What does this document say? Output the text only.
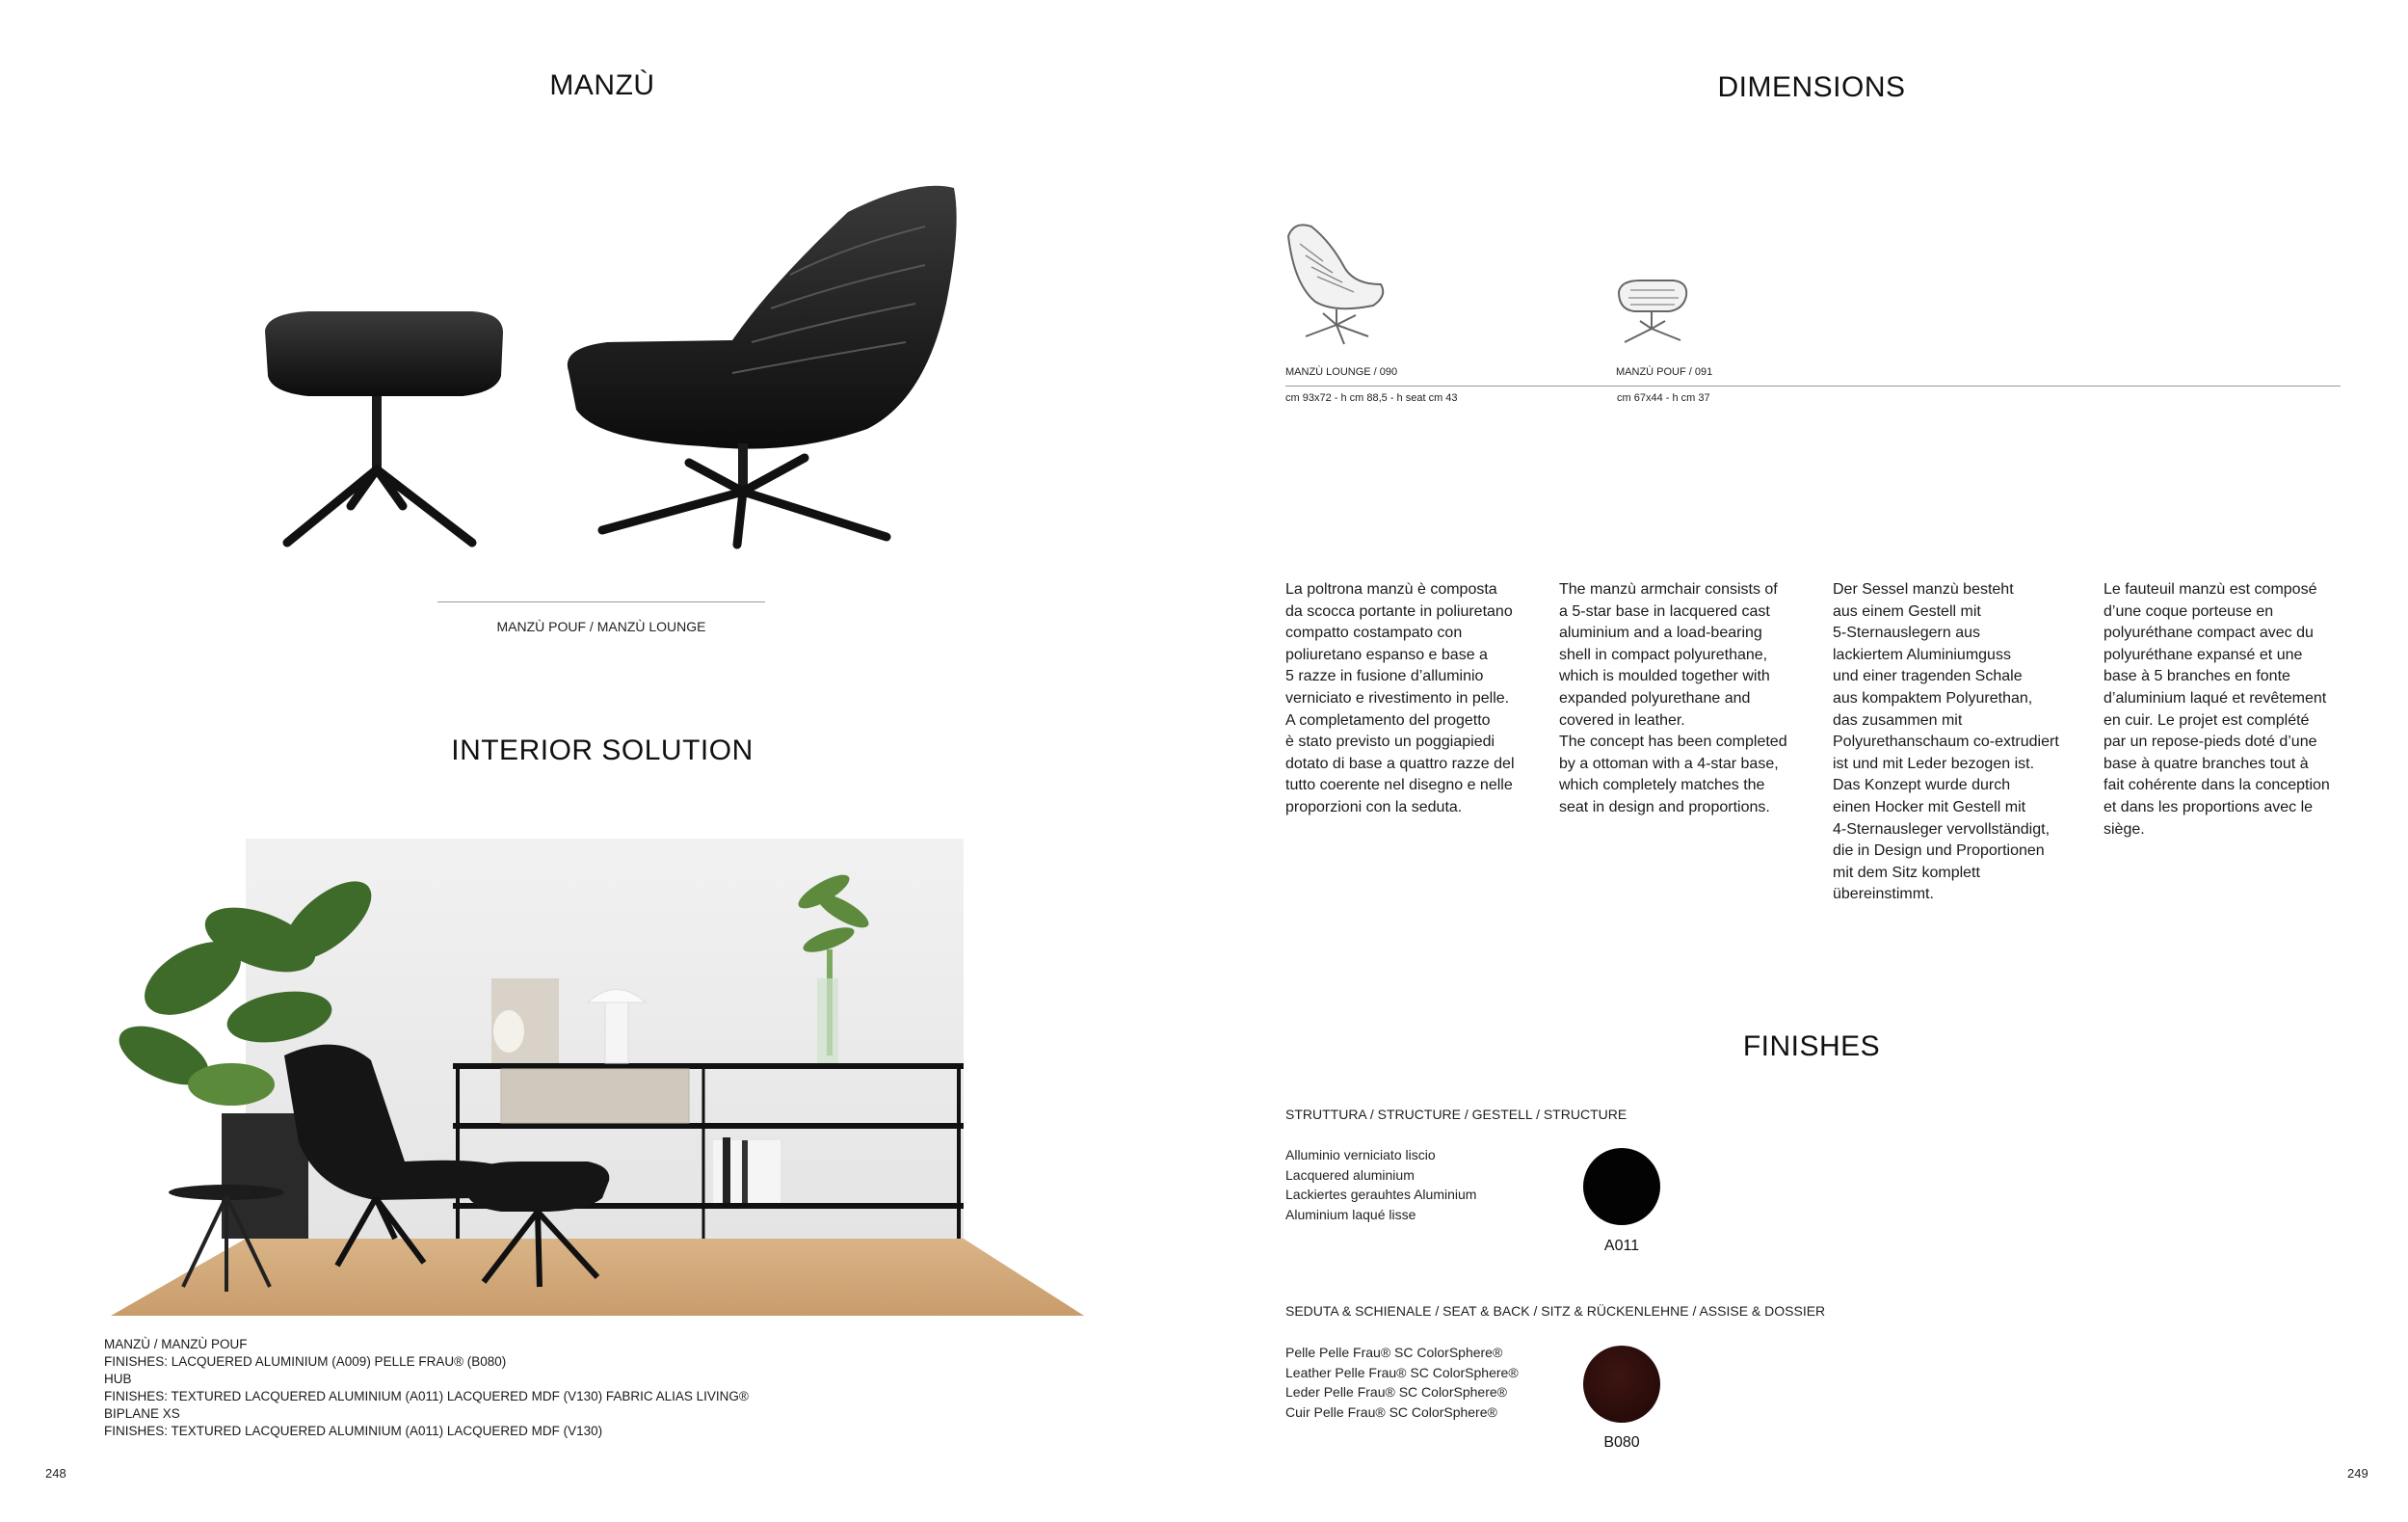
MANZÙ
MANZÙ POUF / MANZÙ LOUNGE
INTERIOR SOLUTION
MANZÙ / MANZÙ POUF
FINISHES: LACQUERED ALUMINIUM (A009) PELLE FRAU® (B080)
HUB
FINISHES: TEXTURED LACQUERED ALUMINIUM (A011) LACQUERED MDF (V130) FABRIC ALIAS LIVING®
BIPLANE XS
FINISHES: TEXTURED LACQUERED ALUMINIUM (A011) LACQUERED MDF (V130)
248
DIMENSIONS
MANZÙ LOUNGE / 090	MANZÙ POUF / 091
cm 93x72 - h cm 88,5 - h seat cm 43	cm 67x44 - h cm 37
La poltrona manzù è composta
da scocca portante in poliuretano
compatto costampato con
poliuretano espanso e base a
5 razze in fusione d’alluminio
verniciato e rivestimento in pelle.
A completamento del progetto
è stato previsto un poggiapiedi
dotato di base a quattro razze del
tutto coerente nel disegno e nelle
proporzioni con la seduta.
The manzù armchair consists of
a 5-star base in lacquered cast
aluminium and a load-bearing
shell in compact polyurethane,
which is moulded together with
expanded polyurethane and
covered in leather.
The concept has been completed
by a ottoman with a 4-star base,
which completely matches the
seat in design and proportions.
Der Sessel manzù besteht
aus einem Gestell mit
5-Sternauslegern aus
lackiertem Aluminiumguss
und einer tragenden Schale
aus kompaktem Polyurethan,
das zusammen mit
Polyurethanschaum co-extrudiert
ist und mit Leder bezogen ist.
Das Konzept wurde durch
einen Hocker mit Gestell mit
4-Sternausleger vervollständigt,
die in Design und Proportionen
mit dem Sitz komplett
übereinstimmt.
Le fauteuil manzù est composé
d’une coque porteuse en
polyuréthane compact avec du
polyuréthane expansé et une
base à 5 branches en fonte
d’aluminium laqué et revêtement
en cuir. Le projet est complété
par un repose-pieds doté d’une
base à quatre branches tout à
fait cohérente dans la conception
et dans les proportions avec le
siège.
FINISHES
STRUTTURA / STRUCTURE / GESTELL / STRUCTURE
Alluminio verniciato liscio
Lacquered aluminium
Lackiertes gerauhtes Aluminium
Aluminium laqué lisse
A011
SEDUTA & SCHIENALE / SEAT & BACK / SITZ & RÜCKENLEHNE / ASSISE & DOSSIER
Pelle Pelle Frau® SC ColorSphere®
Leather Pelle Frau® SC ColorSphere®
Leder Pelle Frau® SC ColorSphere®
Cuir Pelle Frau® SC ColorSphere®
B080
249
